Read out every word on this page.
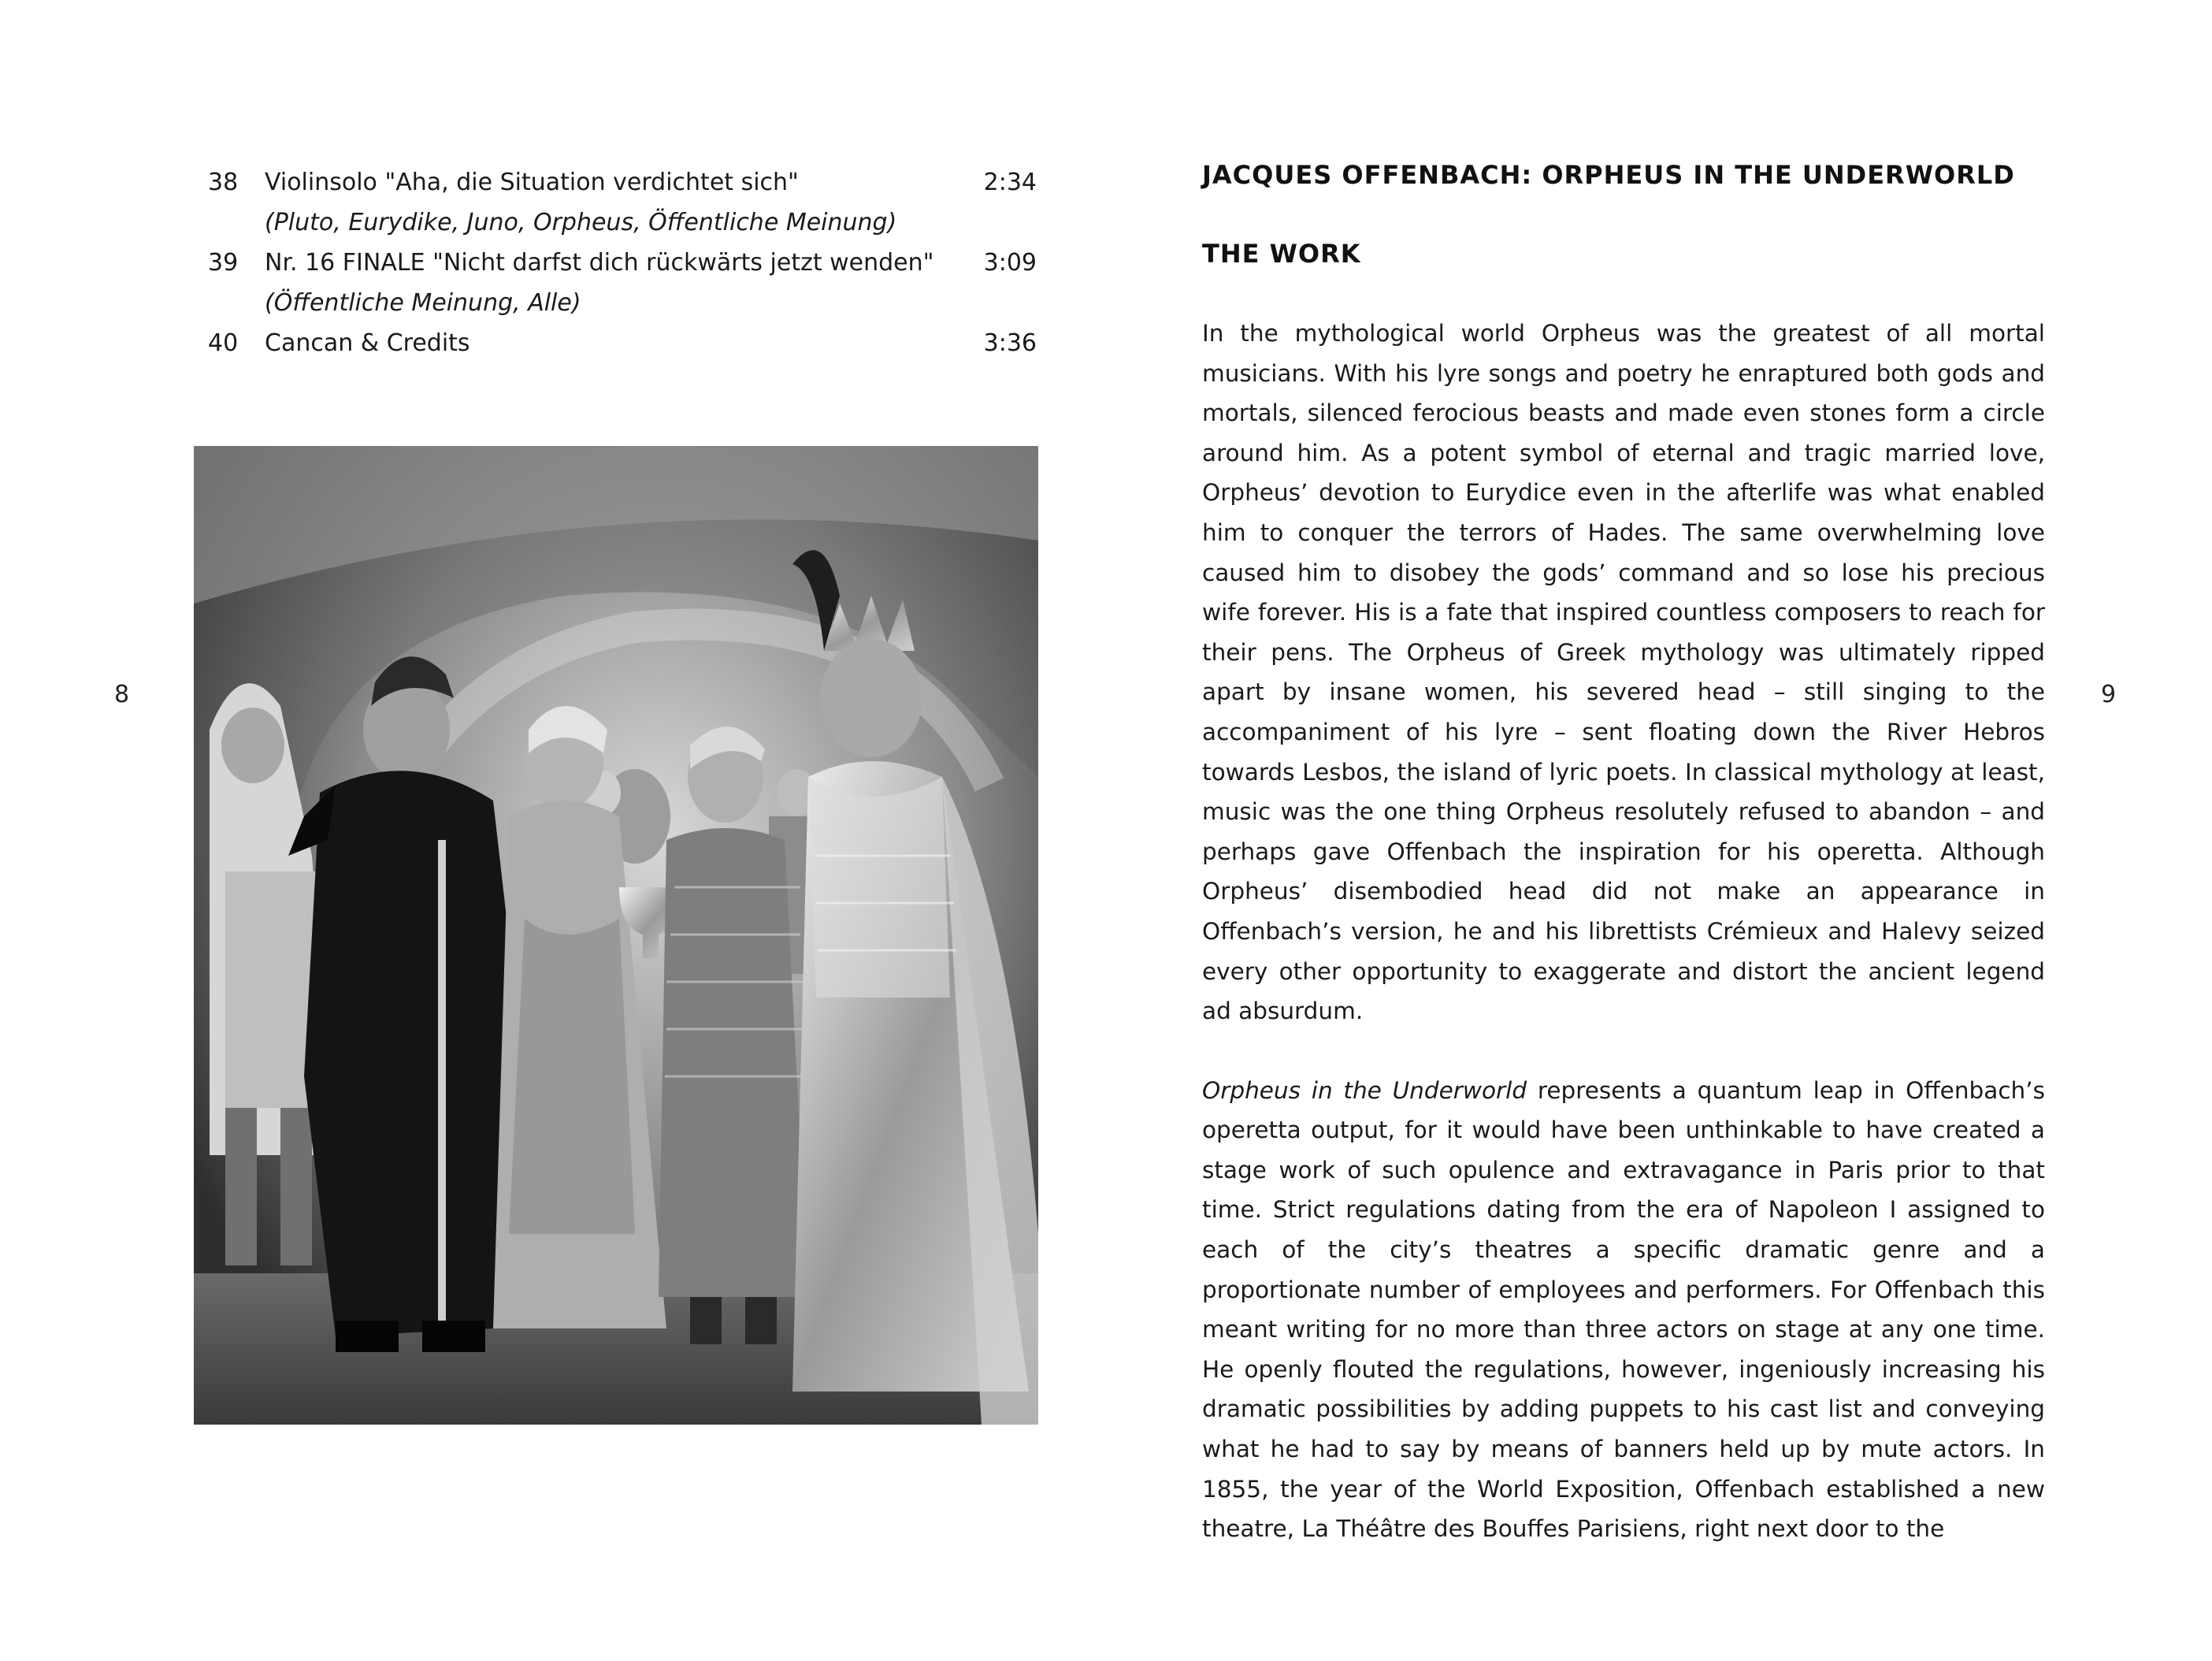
8	9
38	Violinsolo "Aha, die Situation verdichtet sich"	2:34
(Pluto, Eurydike, Juno, Orpheus, Öffentliche Meinung)
39	Nr. 16 FINALE "Nicht darfst dich rückwärts jetzt wenden"	3:09
(Öffentliche Meinung, Alle)
40	Cancan & Credits	3:36
JACQUES OFFENBACH: ORPHEUS IN THE UNDERWORLD
THE WORK

In the mythological world Orpheus was the greatest of all mortal musicians. With his lyre songs and poetry he enraptured both gods and mortals, silenced ferocious beasts and made even stones form a circle around him. As a potent symbol of eternal and tragic married love, Orpheus’ devotion to Eurydice even in the afterlife was what enabled him to conquer the terrors of Hades. The same overwhelming love caused him to disobey the gods’ command and so lose his precious wife forever. His is a fate that inspired countless composers to reach for their pens. The Orpheus of Greek mythology was ultimately ripped apart by insane women, his severed head – still singing to the accompaniment of his lyre – sent floating down the River Hebros towards Lesbos, the island of lyric poets. In classical mythology at least, music was the one thing Orpheus resolutely refused to abandon – and perhaps gave Offenbach the inspiration for his operetta. Although Orpheus’ disembodied head did not make an appearance in Offenbach’s version, he and his librettists Crémieux and Halevy seized every other opportunity to exaggerate and distort the ancient legend ad absurdum.

Orpheus in the Underworld represents a quantum leap in Offenbach’s operetta output, for it would have been unthinkable to have created a stage work of such opulence and extravagance in Paris prior to that time. Strict regulations dating from the era of Napoleon I assigned to each of the city’s theatres a specific dramatic genre and a proportionate number of employees and performers. For Offenbach this meant writing for no more than three actors on stage at any one time. He openly flouted the regulations, however, ingeniously increasing his dramatic possibilities by adding puppets to his cast list and conveying what he had to say by means of banners held up by mute actors. In 1855, the year of the World Exposition, Offenbach established a new theatre, La Théâtre des Bouffes Parisiens, right next door to the
